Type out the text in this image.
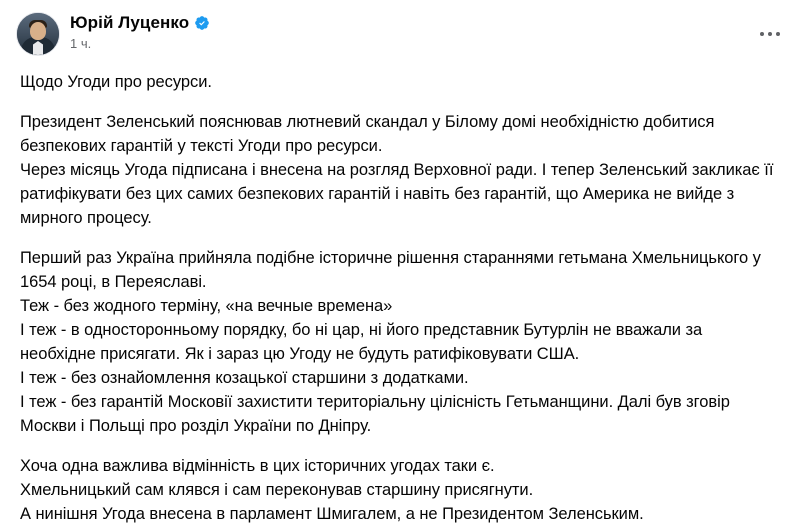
Юрій Луценко
1 ч.

Щодо Угоди про ресурси.

Президент Зеленський пояснював лютневий скандал у Білому домі необхідністю добитися безпекових гарантій у тексті Угоди про ресурси.

Через місяць Угода підписана і внесена на розгляд Верховної ради. І тепер Зеленський закликає її ратифікувати без цих самих безпекових гарантій і навіть без гарантій, що Америка не вийде з мирного процесу.

Перший раз Україна прийняла подібне історичне рішення стараннями гетьмана Хмельницького у 1654 році, в Переяславі.

Теж - без жодного терміну, «на вечные времена»

І теж - в односторонньому порядку, бо ні цар, ні його представник Бутурлін не вважали за необхідне присягати. Як і зараз цю Угоду не будуть ратифіковувати США.

І теж - без ознайомлення козацької старшини з додатками.

І теж - без гарантій Московії захистити територіальну цілісність Гетьманщини. Далі був зговір Москви і Польщі про розділ України по Дніпру.

Хоча одна важлива відмінність в цих історичних угодах таки є.

Хмельницький сам клявся і сам переконував старшину присягнути.

А нинішня Угода внесена в парламент Шмигалем, а не Президентом Зеленським.
